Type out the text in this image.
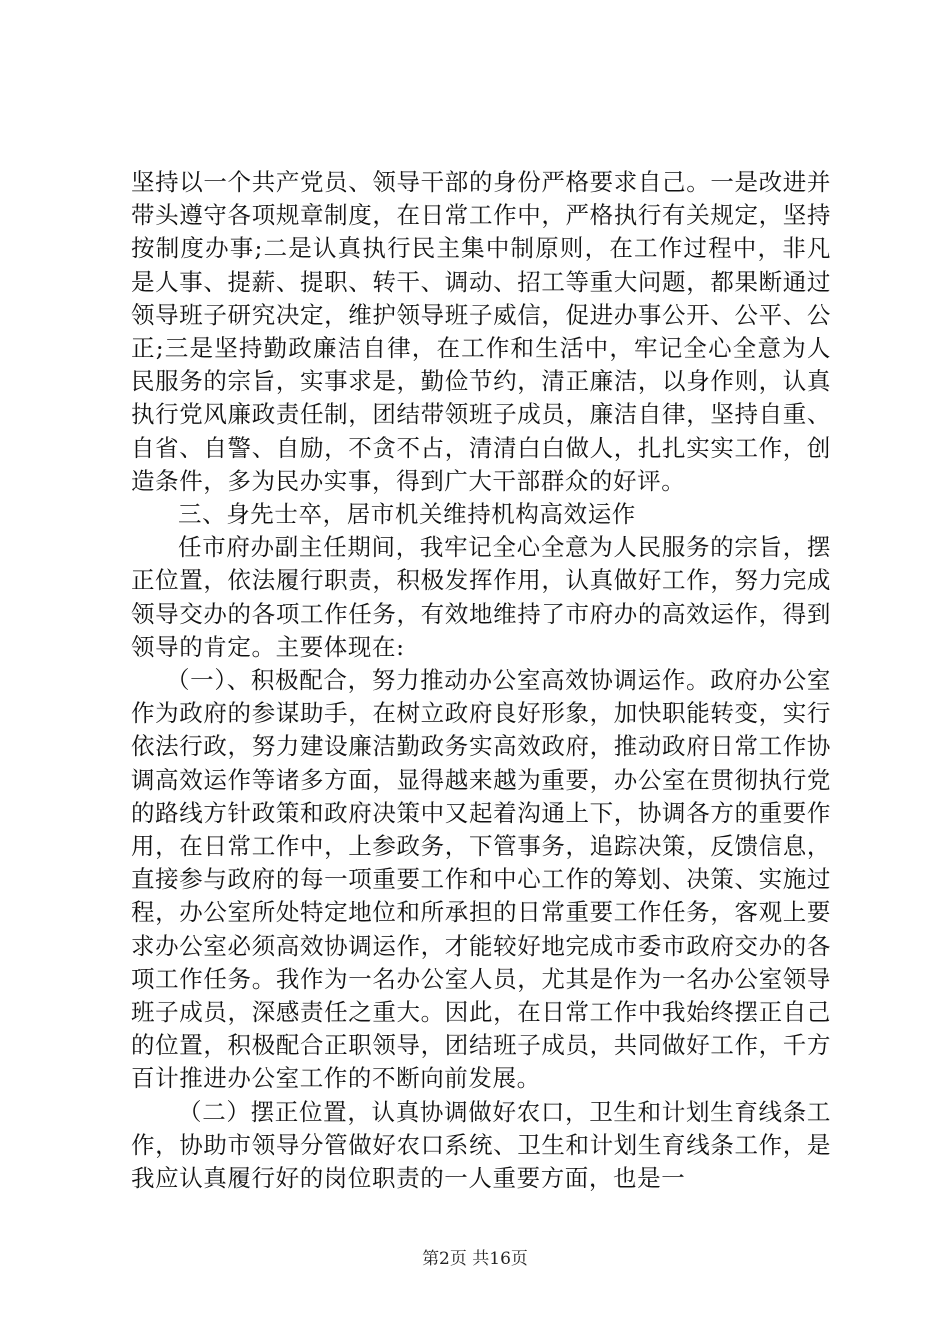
坚持以一个共产党员、领导干部的身份严格要求自己。一是改进并带头遵守各项规章制度，在日常工作中，严格执行有关规定，坚持按制度办事;二是认真执行民主集中制原则，在工作过程中，非凡是人事、提薪、提职、转干、调动、招工等重大问题，都果断通过领导班子研究决定，维护领导班子威信，促进办事公开、公平、公正;三是坚持勤政廉洁自律，在工作和生活中，牢记全心全意为人民服务的宗旨，实事求是，勤俭节约，清正廉洁，以身作则，认真执行党风廉政责任制，团结带领班子成员，廉洁自律，坚持自重、自省、自警、自励，不贪不占，清清白白做人，扎扎实实工作，创造条件，多为民办实事，得到广大干部群众的好评。

三、身先士卒，居市机关维持机构高效运作

任市府办副主任期间，我牢记全心全意为人民服务的宗旨，摆正位置，依法履行职责，积极发挥作用，认真做好工作，努力完成领导交办的各项工作任务，有效地维持了市府办的高效运作，得到领导的肯定。主要体现在:

（一）、积极配合，努力推动办公室高效协调运作。政府办公室作为政府的参谋助手，在树立政府良好形象，加快职能转变，实行依法行政，努力建设廉洁勤政务实高效政府，推动政府日常工作协调高效运作等诸多方面，显得越来越为重要，办公室在贯彻执行党的路线方针政策和政府决策中又起着沟通上下，协调各方的重要作用，在日常工作中，上参政务，下管事务，追踪决策，反馈信息，直接参与政府的每一项重要工作和中心工作的筹划、决策、实施过程，办公室所处特定地位和所承担的日常重要工作任务，客观上要求办公室必须高效协调运作，才能较好地完成市委市政府交办的各项工作任务。我作为一名办公室人员，尤其是作为一名办公室领导班子成员，深感责任之重大。因此，在日常工作中我始终摆正自己的位置，积极配合正职领导，团结班子成员，共同做好工作，千方百计推进办公室工作的不断向前发展。

（二）摆正位置，认真协调做好农口，卫生和计划生育线条工作，协助市领导分管做好农口系统、卫生和计划生育线条工作，是我应认真履行好的岗位职责的一人重要方面，也是一

第2页 共16页
